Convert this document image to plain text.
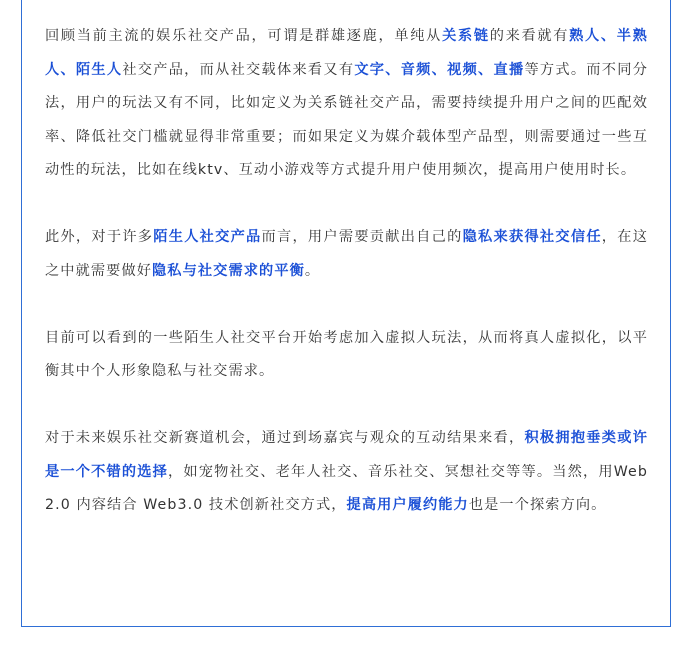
回顾当前主流的娱乐社交产品，可谓是群雄逐鹿，单纯从关系链的来看就有熟人、半熟人、陌生人社交产品，而从社交载体来看又有文字、音频、视频、直播等方式。而不同分法，用户的玩法又有不同，比如定义为关系链社交产品，需要持续提升用户之间的匹配效率、降低社交门槛就显得非常重要；而如果定义为媒介载体型产品型，则需要通过一些互动性的玩法，比如在线ktv、互动小游戏等方式提升用户使用频次，提高用户使用时长。

此外，对于许多陌生人社交产品而言，用户需要贡献出自己的隐私来获得社交信任，在这之中就需要做好隐私与社交需求的平衡。

目前可以看到的一些陌生人社交平台开始考虑加入虚拟人玩法，从而将真人虚拟化，以平衡其中个人形象隐私与社交需求。

对于未来娱乐社交新赛道机会，通过到场嘉宾与观众的互动结果来看，积极拥抱垂类或许是一个不错的选择，如宠物社交、老年人社交、音乐社交、冥想社交等等。当然，用Web 2.0 内容结合 Web3.0 技术创新社交方式，提高用户履约能力也是一个探索方向。
